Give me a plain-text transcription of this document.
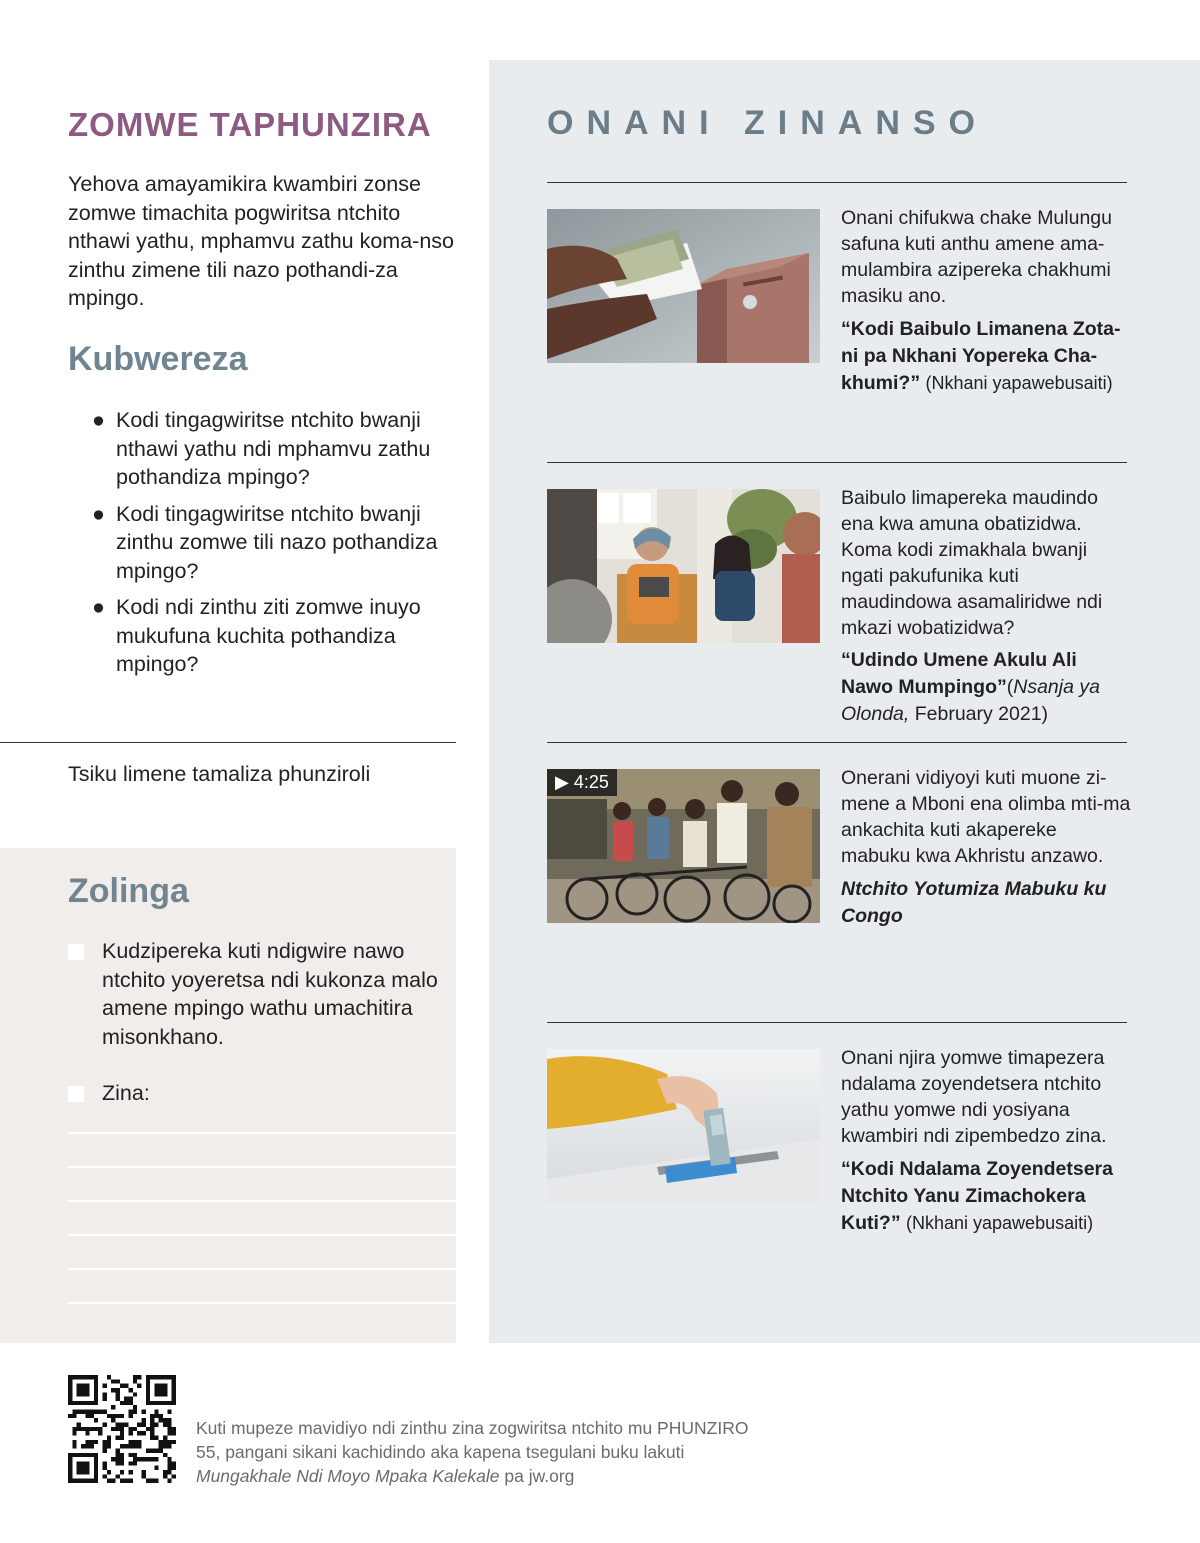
ZOMWE TAPHUNZIRA
Yehova amayamikira kwambiri zonse zomwe timachita pogwiritsa ntchito nthawi yathu, mphamvu zathu koma-nso zinthu zimene tili nazo pothandi-za mpingo.
Kubwereza
● Kodi tingagwiritse ntchito bwanji nthawi yathu ndi mphamvu zathu pothandiza mpingo?
● Kodi tingagwiritse ntchito bwanji zinthu zomwe tili nazo pothandiza mpingo?
● Kodi ndi zinthu ziti zomwe inuyo mukufuna kuchita pothandiza mpingo?
Tsiku limene tamaliza phunziroli
Zolinga
Kudzipereka kuti ndigwire nawo ntchito yoyeretsa ndi kukonza malo amene mpingo wathu umachitira misonkhano.
Zina:
ONANI ZINANSO
Onani chifukwa chake Mulungu safuna kuti anthu amene ama-mulambira azipereka chakhumi masiku ano.
“Kodi Baibulo Limanena Zota-ni pa Nkhani Yopereka Cha-khumi?” (Nkhani yapawebusaiti)
Baibulo limapereka maudindo ena kwa amuna obatizidwa. Koma kodi zimakhala bwanji ngati pakufunika kuti maudindowa asamaliridwe ndi mkazi wobatizidwa?
“Udindo Umene Akulu Ali Nawo Mumpingo”(Nsanja ya Olonda, February 2021)
▶ 4:25	Onerani vidiyoyi kuti muone zi-mene a Mboni ena olimba mti-ma ankachita kuti akapereke mabuku kwa Akhristu anzawo.
Ntchito Yotumiza Mabuku ku Congo
Onani njira yomwe timapezera ndalama zoyendetsera ntchito yathu yomwe ndi yosiyana kwambiri ndi zipembedzo zina.
“Kodi Ndalama Zoyendetsera Ntchito Yanu Zimachokera Kuti?” (Nkhani yapawebusaiti)
Kuti mupeze mavidiyo ndi zinthu zina zogwiritsa ntchito mu PHUNZIRO 55, pangani sikani kachidindo aka kapena tsegulani buku lakuti Mungakhale Ndi Moyo Mpaka Kalekale pa jw.org
